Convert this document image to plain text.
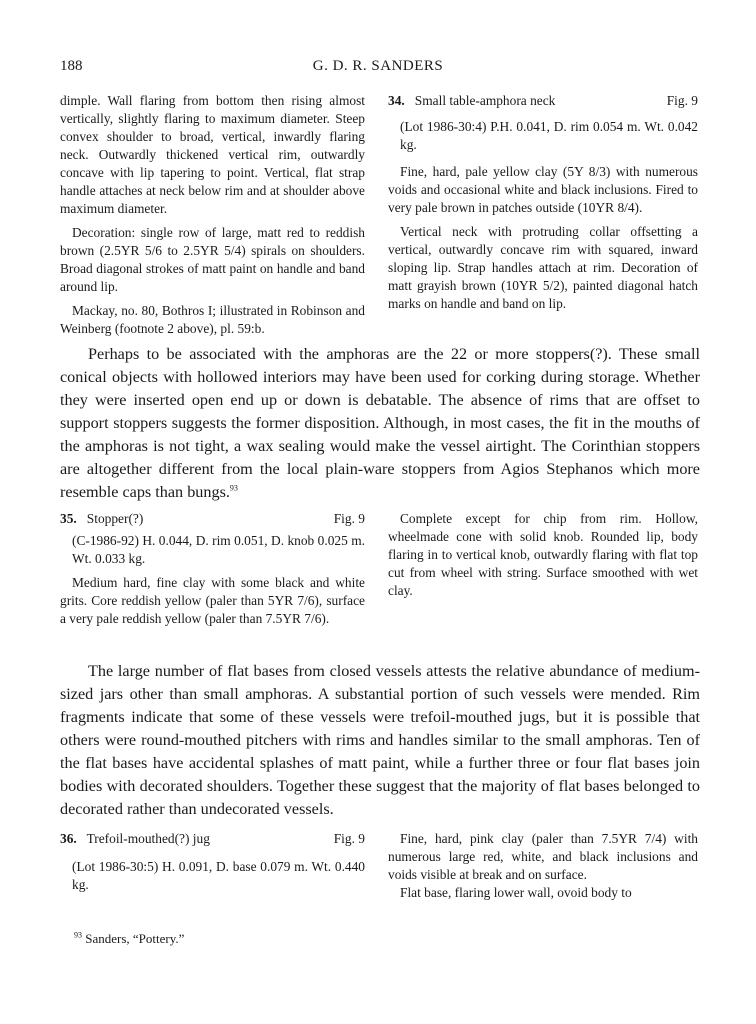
188	G. D. R. SANDERS

dimple. Wall flaring from bottom then rising almost vertically, slightly flaring to maximum diameter. Steep convex shoulder to broad, vertical, inwardly flaring neck. Outwardly thickened vertical rim, outwardly concave with lip tapering to point. Vertical, flat strap handle attaches at neck below rim and at shoulder above maximum diameter.

Decoration: single row of large, matt red to reddish brown (2.5YR 5/6 to 2.5YR 5/4) spirals on shoulders. Broad diagonal strokes of matt paint on handle and band around lip.

Mackay, no. 80, Bothros I; illustrated in Robinson and Weinberg (footnote 2 above), pl. 59:b.

34. Small table-amphora neck	Fig. 9

(Lot 1986-30:4) P.H. 0.041, D. rim 0.054 m. Wt. 0.042 kg.

Fine, hard, pale yellow clay (5Y 8/3) with numerous voids and occasional white and black inclusions. Fired to very pale brown in patches outside (10YR 8/4).

Vertical neck with protruding collar offsetting a vertical, outwardly concave rim with squared, inward sloping lip. Strap handles attach at rim. Decoration of matt grayish brown (10YR 5/2), painted diagonal hatch marks on handle and band on lip.

Perhaps to be associated with the amphoras are the 22 or more stoppers(?). These small conical objects with hollowed interiors may have been used for corking during storage. Whether they were inserted open end up or down is debatable. The absence of rims that are offset to support stoppers suggests the former disposition. Although, in most cases, the fit in the mouths of the amphoras is not tight, a wax sealing would make the vessel airtight. The Corinthian stoppers are altogether different from the local plain-ware stoppers from Agios Stephanos which more resemble caps than bungs.$^{93}$

35. Stopper(?)	Fig. 9

(C-1986-92) H. 0.044, D. rim 0.051, D. knob 0.025 m. Wt. 0.033 kg.

Medium hard, fine clay with some black and white grits. Core reddish yellow (paler than 5YR 7/6), surface a very pale reddish yellow (paler than 7.5YR 7/6).

Complete except for chip from rim. Hollow, wheelmade cone with solid knob. Rounded lip, body flaring in to vertical knob, outwardly flaring with flat top cut from wheel with string. Surface smoothed with wet clay.

The large number of flat bases from closed vessels attests the relative abundance of medium-sized jars other than small amphoras. A substantial portion of such vessels were mended. Rim fragments indicate that some of these vessels were trefoil-mouthed jugs, but it is possible that others were round-mouthed pitchers with rims and handles similar to the small amphoras. Ten of the flat bases have accidental splashes of matt paint, while a further three or four flat bases join bodies with decorated shoulders. Together these suggest that the majority of flat bases belonged to decorated rather than undecorated vessels.

36. Trefoil-mouthed(?) jug	Fig. 9

(Lot 1986-30:5) H. 0.091, D. base 0.079 m. Wt. 0.440 kg.

Fine, hard, pink clay (paler than 7.5YR 7/4) with numerous large red, white, and black inclusions and voids visible at break and on surface.

Flat base, flaring lower wall, ovoid body to

$^{93}$ Sanders, “Pottery.”
